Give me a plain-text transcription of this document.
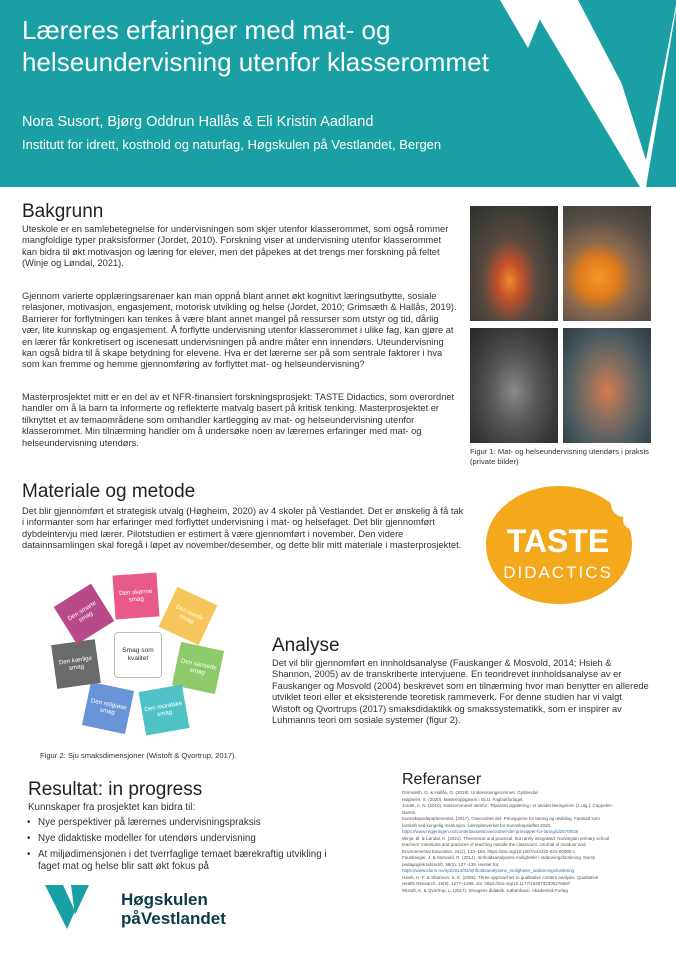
Læreres erfaringer med mat- og helseundervisning utenfor klasserommet
Nora Susort, Bjørg Oddrun Hallås & Eli Kristin Aadland
Institutt for idrett, kosthold og naturfag, Høgskulen på Vestlandet, Bergen
Bakgrunn

Uteskole er en samlebetegnelse for undervisningen som skjer utenfor klasserommet, som også rommer mangfoldige typer praksisformer (Jordet, 2010). Forskning viser at undervisning utenfor klasserommet kan bidra til økt motivasjon og læring for elever, men det påpekes at det trengs mer forskning på feltet (Winje og Løndal, 2021).

Gjennom varierte opplæringsarenaer kan man oppnå blant annet økt kognitivt læringsutbytte, sosiale relasjoner, motivasjon, engasjement, motorisk utvikling og helse (Jordet, 2010; Grimsæth & Hallås, 2019). Barrierer for forflytningen kan tenkes å være blant annet mangel på ressurser som utstyr og tid, dårlig vær, lite kunnskap og engasjement. Å forflytte undervisning utenfor klasserommet i ulike fag, kan gjøre at en lærer får konkretisert og iscenesatt undervisningen på andre måter enn innendørs. Uteundervisning kan også bidra til å skape betydning for elevene. Hva er det lærerne ser på som sentrale faktorer i hva som kan fremme og hemme gjennomføring av forflyttet mat- og helseundervisning?

Masterprosjektet mitt er en del av et NFR-finansiert forskningsprosjekt: TASTE Didactics, som overordnet handler om å la barn ta informerte og reflekterte matvalg basert på kritisk tenking. Masterprosjektet er tilknyttet et av temaområdene som omhandler kartlegging av mat- og helseundervisning utenfor klasserommet. Min tilnærming handler om å undersøke noen av lærernes erfaringer med mat- og helseundervisning utendørs.

Figur 1: Mat- og helseundervisning utendørs i praksis (private bilder)
Materiale og metode

Det blir gjennomført et strategisk utvalg (Høgheim, 2020) av 4 skoler på Vestlandet. Det er ønskelig å få tak i informanter som har erfaringer med forflyttet undervisning i mat- og helsefaget. Det blir gjennomført dybdeintervju med lærer. Pilotstudien er estimert å være gjennomført i november. Den videre datainnsamlingen skal foregå i løpet av november/desember, og dette blir mitt materiale i masterprosjektet. TASTE
DIDACTICS
Den skønne smag
Den sunde smag
Den sansede smag
Den moralske smag
Den religiøse smag
Den kærlige smag
Den smarte smag
Smag som kvalitet
Figur 2: Sju smaksdimensjoner (Wistoft & Qvortrup, 2017).
Analyse

Det vil blir gjennomført en innholdsanalyse (Fauskanger & Mosvold, 2014; Hsieh & Shannon, 2005) av de transkriberte intervjuene. En teoridrevet innholdsanalyse av er Fauskanger og Mosvold (2004) beskrevet som en tilnærming hvor man benytter en allerede utviklet teori eller et eksisterende teoretisk rammeverk. For denne studien har vi valgt Wistoft og Qvortrups (2017) smaksdidaktikk og smakssystematikk, som er inspirer av Luhmanns teori om sosiale systemer (figur 2).

Resultat: in progress
Kunnskaper fra prosjektet kan bidra til:
• Nye perspektiver på lærernes undervisningspraksis
• Nye didaktiske modeller for utendørs undervisning
• At miljødimensjonen i det tverrfaglige temaet bærekraftig utvikling i faget mat og helse blir satt økt fokus på
Referanser
Grimsæth, G. & Hallås, O. (2019). Undervisningsrommet. Gyldendal
Høgheim, S. (2020). Masteroppgaven i GLU. Fagbokforlaget.
Jordet, A. N. (2010). Klasserommet utenfor: Tilpasset opplæring i et utvidet læringsrom (1.utg.). Cappelen Damm.
Kunnskapsdepartementet. (2017). Overordnet del- Prinsippene for læring og utvikling. Fastsatt som forskrift ved kongelig resolusjon. Læreplanverket for Kunnskapsløftet 2020.
https://www.regjeringen.no/contentassets/overordnet-del-prinsipper-for-laring/id2570003/
Winje, Ø. & Løndal, K. (2021). Theoretical and practical, but rarely integrated: Norwegian primary school teachers' intentions and practices of teaching outside the classroom. Journal of Outdoor and Environmental Education, 24(2), 133–150. https://doi.org/10.1007/s42322-021-00080-x
Fauskanger, J. & Mosvold, R. (2014). Innholdsanalysens muligheter i utdanningsforskning. Norsk pedagogisk tidsskrift, 98(2), 127–139. Hentet fra:
https://www.idunn.no/npt/2014/02/innholdsanalysens_muligheter_iutdanningsforskning
Hsieh, H.-F. & Shannon, S. E. (2005). Three approaches to qualitative content analysis. Qualitative Health Research, 15(9), 1277–1288. doi: https://doi.org/10.1177/1049732305276687
Wistoft, K. & Qvortrup, L. (2017). Smagens didaktik. København: Akademisk Forlag
Høgskulen
påVestlandet
